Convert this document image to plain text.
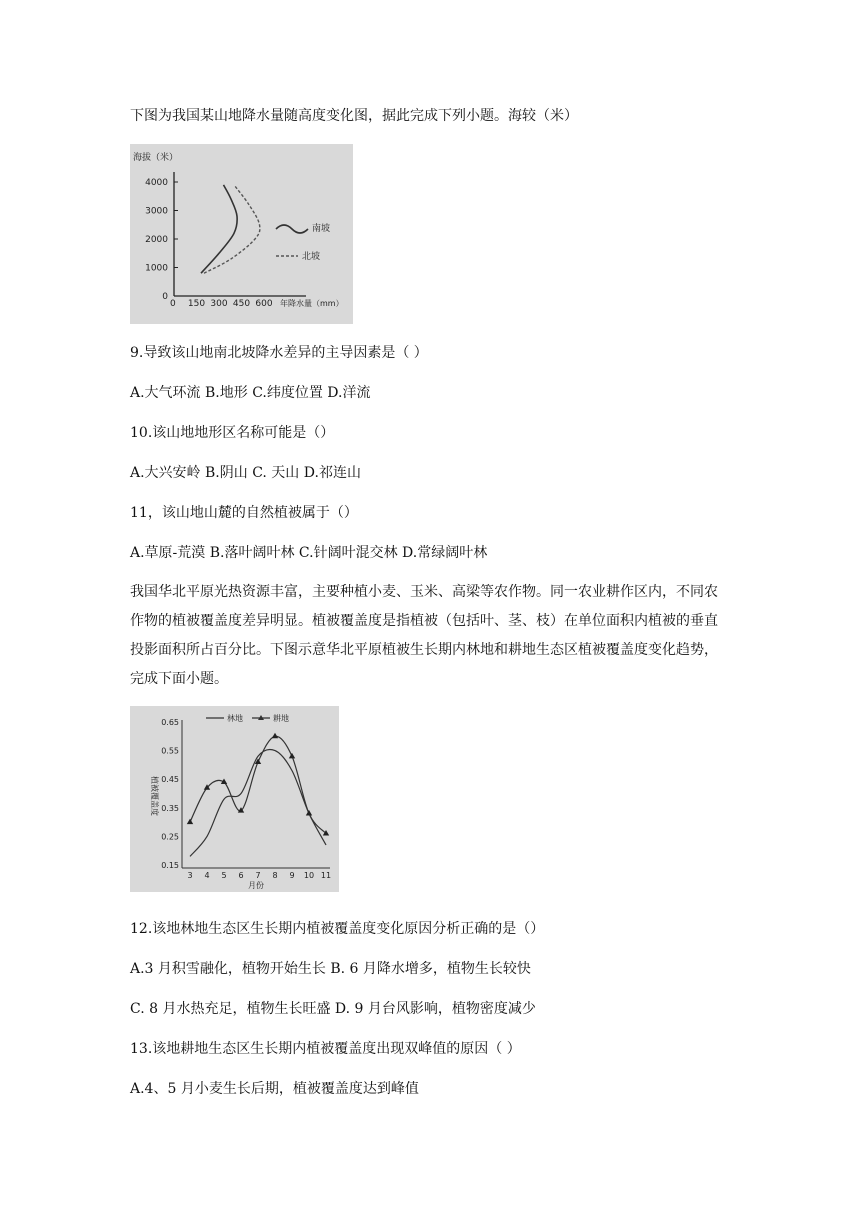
下图为我国某山地降水量随高度变化图，据此完成下列小题。海较（米）
海拔（米）
4000
3000
2000
1000
0
150 300 450 600
0	年降水量（mm）
南坡
北坡
9.导致该山地南北坡降水差异的主导因素是（ ）
A.大气环流 B.地形 C.纬度位置 D.洋流
10.该山地地形区名称可能是（）
A.大兴安岭 B.阴山 C. 天山 D.祁连山
11，该山地山麓的自然植被属于（）
A.草原-荒漠 B.落叶阔叶林 C.针阔叶混交林 D.常绿阔叶林
我国华北平原光热资源丰富，主要种植小麦、玉米、高梁等农作物。同一农业耕作区内，不同农作物的植被覆盖度差异明显。植被覆盖度是指植被（包括叶、茎、枝）在单位面积内植被的垂直投影面积所占百分比。下图示意华北平原植被生长期内林地和耕地生态区植被覆盖度变化趋势，完成下面小题。
林地	耕地
植被覆盖度
0.65
0.55
0.45
0.35
0.25
0.15
3 4 5 6 7 8 9 10 11
月份
12.该地林地生态区生长期内植被覆盖度变化原因分析正确的是（）
A.3 月积雪融化，植物开始生长 B. 6 月降水增多，植物生长较快
C. 8 月水热充足，植物生长旺盛 D. 9 月台风影响，植物密度减少
13.该地耕地生态区生长期内植被覆盖度出现双峰值的原因（ ）
A.4、5 月小麦生长后期，植被覆盖度达到峰值
